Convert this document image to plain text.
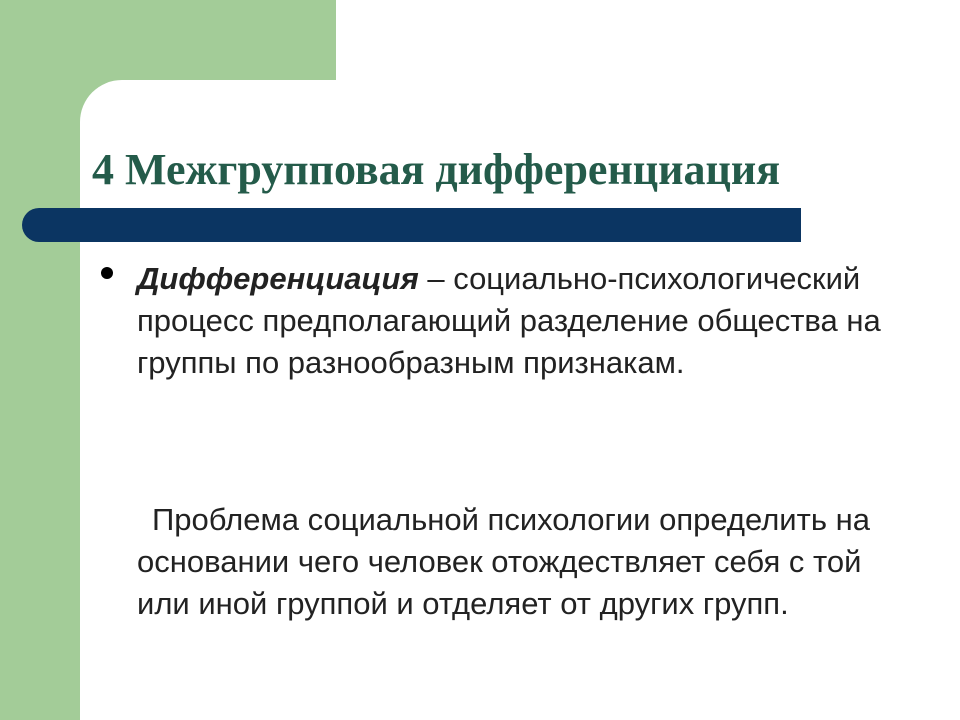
4 Межгрупповая дифференциация

Дифференциация – социально-психологический процесс предполагающий разделение общества на группы по разнообразным признакам.

Проблема социальной психологии определить на основании чего человек отождествляет себя с той или иной группой и отделяет от других групп.
